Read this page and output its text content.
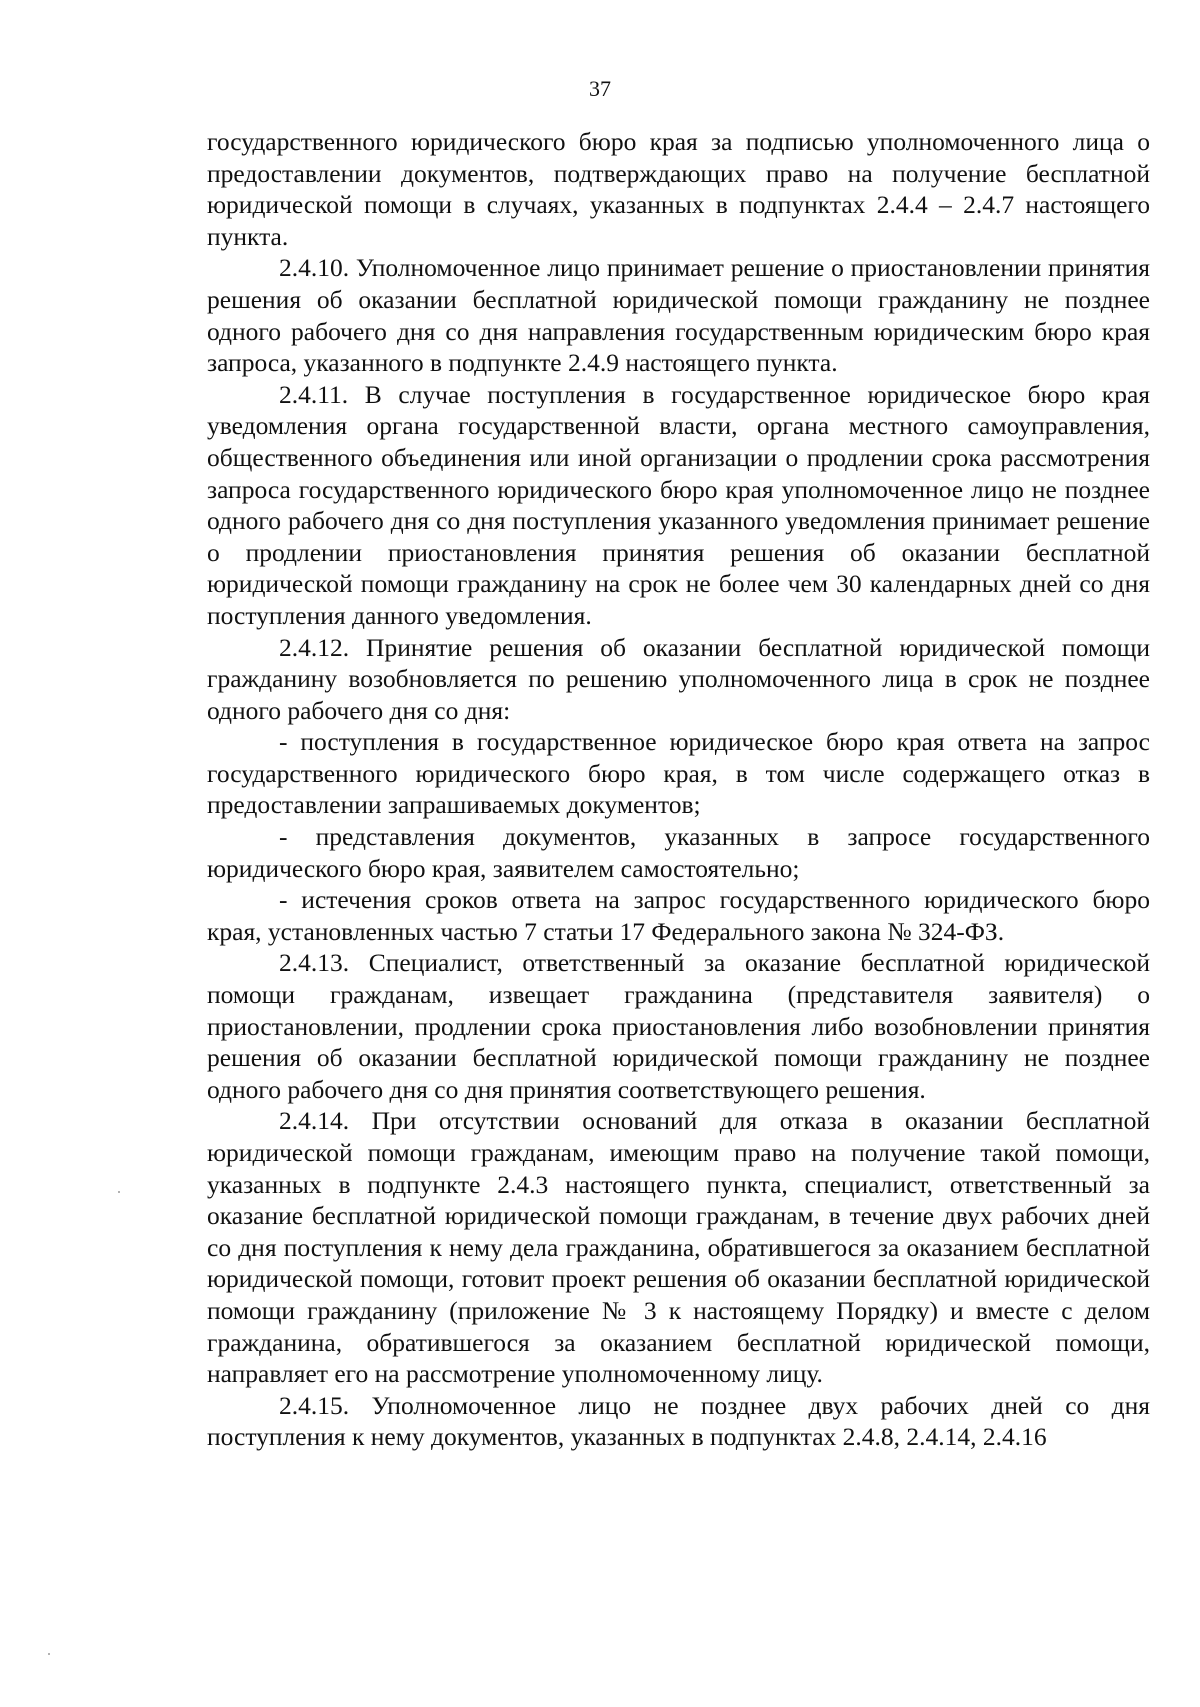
37

государственного юридического бюро края за подписью уполномоченного лица о предоставлении документов, подтверждающих право на получение бесплатной юридической помощи в случаях, указанных в подпунктах 2.4.4 – 2.4.7 настоящего пункта.

2.4.10. Уполномоченное лицо принимает решение о приостановлении принятия решения об оказании бесплатной юридической помощи гражданину не позднее одного рабочего дня со дня направления государственным юридическим бюро края запроса, указанного в подпункте 2.4.9 настоящего пункта.

2.4.11. В случае поступления в государственное юридическое бюро края уведомления органа государственной власти, органа местного самоуправления, общественного объединения или иной организации о продлении срока рассмотрения запроса государственного юридического бюро края уполномоченное лицо не позднее одного рабочего дня со дня поступления указанного уведомления принимает решение о продлении приостановления принятия решения об оказании бесплатной юридической помощи гражданину на срок не более чем 30 календарных дней со дня поступления данного уведомления.

2.4.12. Принятие решения об оказании бесплатной юридической помощи гражданину возобновляется по решению уполномоченного лица в срок не позднее одного рабочего дня со дня:

- поступления в государственное юридическое бюро края ответа на запрос государственного юридического бюро края, в том числе содержащего отказ в предоставлении запрашиваемых документов;

- представления документов, указанных в запросе государственного юридического бюро края, заявителем самостоятельно;

- истечения сроков ответа на запрос государственного юридического бюро края, установленных частью 7 статьи 17 Федерального закона № 324-ФЗ.

2.4.13. Специалист, ответственный за оказание бесплатной юридической помощи гражданам, извещает гражданина (представителя заявителя) о приостановлении, продлении срока приостановления либо возобновлении принятия решения об оказании бесплатной юридической помощи гражданину не позднее одного рабочего дня со дня принятия соответствующего решения.

2.4.14. При отсутствии оснований для отказа в оказании бесплатной юридической помощи гражданам, имеющим право на получение такой помощи, указанных в подпункте 2.4.3 настоящего пункта, специалист, ответственный за оказание бесплатной юридической помощи гражданам, в течение двух рабочих дней со дня поступления к нему дела гражданина, обратившегося за оказанием бесплатной юридической помощи, готовит проект решения об оказании бесплатной юридической помощи гражданину (приложение № 3 к настоящему Порядку) и вместе с делом гражданина, обратившегося за оказанием бесплатной юридической помощи, направляет его на рассмотрение уполномоченному лицу.

2.4.15. Уполномоченное лицо не позднее двух рабочих дней со дня поступления к нему документов, указанных в подпунктах 2.4.8, 2.4.14, 2.4.16
